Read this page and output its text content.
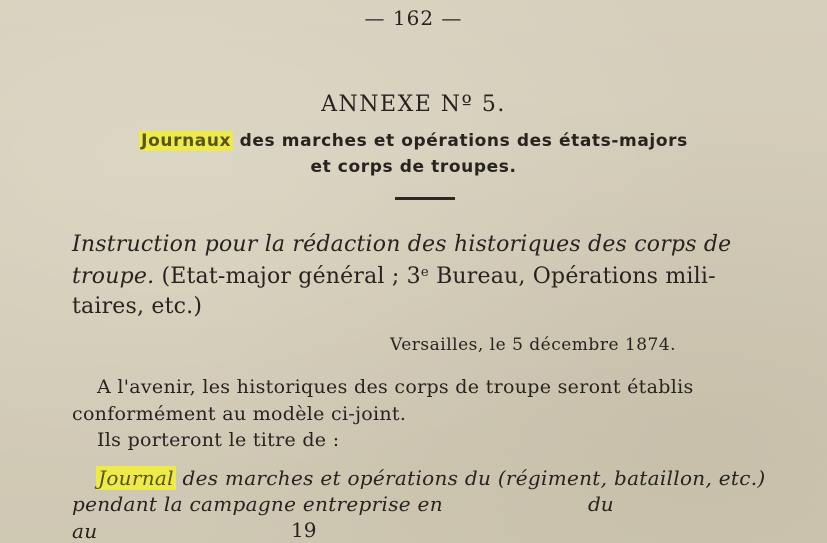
— 162 —
ANNEXE Nº 5.
Journaux des marches et opérations des états-majors
et corps de troupes.
Instruction pour la rédaction des historiques des corps de
troupe. (Etat-major général ; 3e Bureau, Opérations mili-
taires, etc.)
Versailles, le 5 décembre 1874.
A l'avenir, les historiques des corps de troupe seront établis
conformément au modèle ci-joint.
Ils porteront le titre de :
Journal des marches et opérations du (régiment, bataillon, etc.)
pendant la campagne entreprise en	du
au	19
